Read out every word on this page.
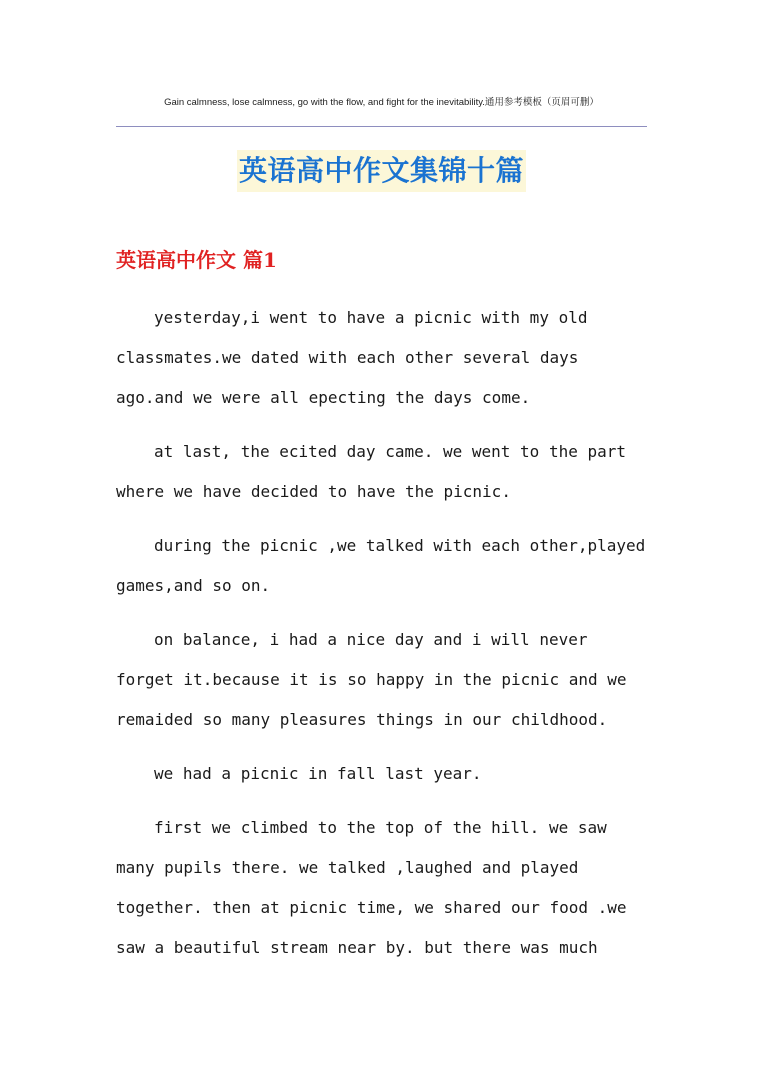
Gain calmness, lose calmness, go with the flow, and fight for the inevitability.通用参考模板（页眉可删）
英语高中作文集锦十篇
英语高中作文 篇1
yesterday,i went to have a picnic with my old
classmates.we dated with each other several days
ago.and we were all epecting the days come.
at last, the ecited day came. we went to the part
where we have decided to have the picnic.
during the picnic ,we talked with each other,played
games,and so on.
on balance, i had a nice day and i will never
forget it.because it is so happy in the picnic and we
remaided so many pleasures things in our childhood.
we had a picnic in fall last year.
first we climbed to the top of the hill. we saw
many pupils there. we talked ,laughed and played
together. then at picnic time, we shared our food .we
saw a beautiful stream near by. but there was much
